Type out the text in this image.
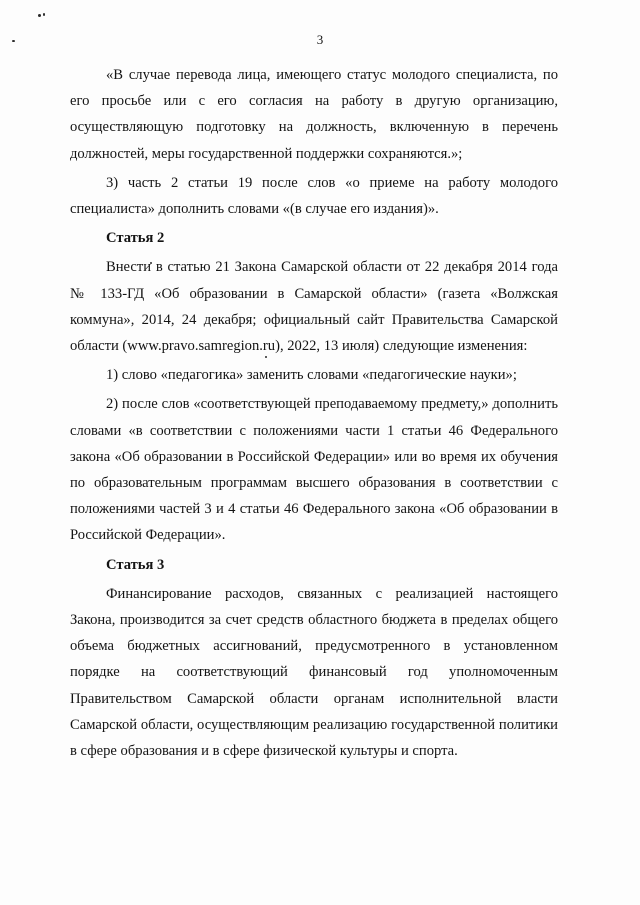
3

«В случае перевода лица, имеющего статус молодого специалиста, по его просьбе или с его согласия на работу в другую организацию, осуществляющую подготовку на должность, включенную в перечень должностей, меры государственной поддержки сохраняются.»;

3) часть 2 статьи 19 после слов «о приеме на работу молодого специалиста» дополнить словами «(в случае его издания)».

Статья 2

Внести в статью 21 Закона Самарской области от 22 декабря 2014 года № 133-ГД «Об образовании в Самарской области» (газета «Волжская коммуна», 2014, 24 декабря; официальный сайт Правительства Самарской области (www.pravo.samregion.ru), 2022, 13 июля) следующие изменения:

1) слово «педагогика» заменить словами «педагогические науки»;

2) после слов «соответствующей преподаваемому предмету,» дополнить словами «в соответствии с положениями части 1 статьи 46 Федерального закона «Об образовании в Российской Федерации» или во время их обучения по образовательным программам высшего образования в соответствии с положениями частей 3 и 4 статьи 46 Федерального закона «Об образовании в Российской Федерации».

Статья 3

Финансирование расходов, связанных с реализацией настоящего Закона, производится за счет средств областного бюджета в пределах общего объема бюджетных ассигнований, предусмотренного в установленном порядке на соответствующий финансовый год уполномоченным Правительством Самарской области органам исполнительной власти Самарской области, осуществляющим реализацию государственной политики в сфере образования и в сфере физической культуры и спорта.
